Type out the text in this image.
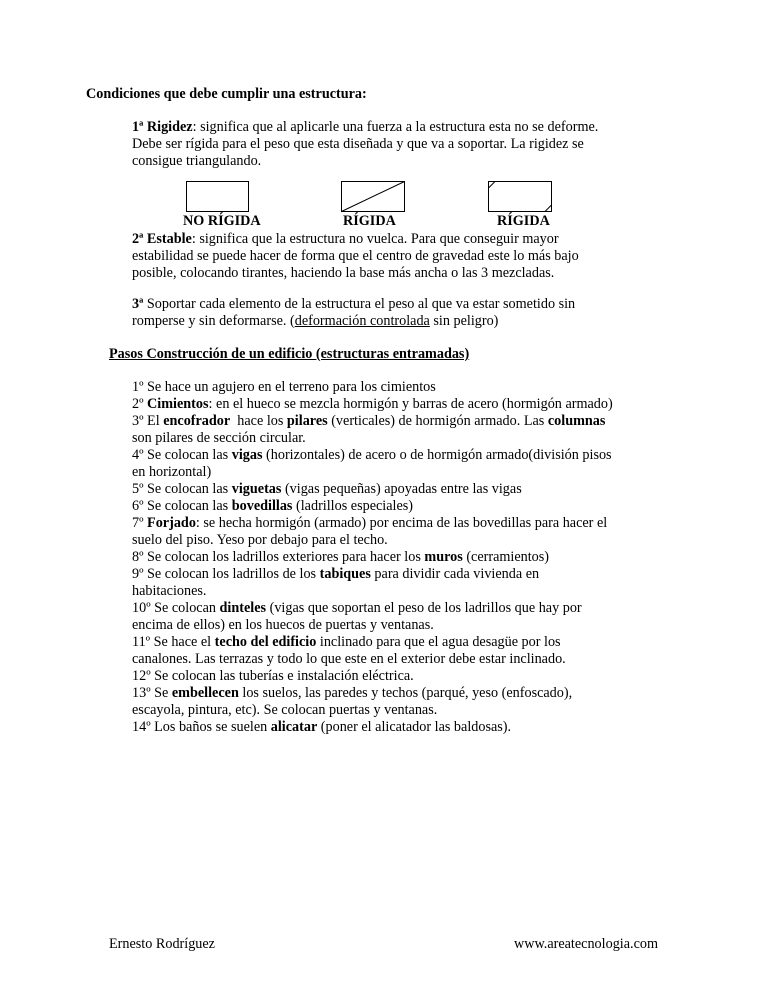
Condiciones que debe cumplir una estructura:
1ª Rigidez: significa que al aplicarle una fuerza a la estructura esta no se deforme.
Debe ser rígida para el peso que esta diseñada y que va a soportar. La rigidez se
consigue triangulando.
NO RÍGIDA	RÍGIDA	RÍGIDA
2ª Estable: significa que la estructura no vuelca. Para que conseguir mayor
estabilidad se puede hacer de forma que el centro de gravedad este lo más bajo
posible, colocando tirantes, haciendo la base más ancha o las 3 mezcladas.
3ª Soportar cada elemento de la estructura el peso al que va estar sometido sin
romperse y sin deformarse. (deformación controlada sin peligro)
Pasos Construcción de un edificio (estructuras entramadas)
1º Se hace un agujero en el terreno para los cimientos
2º Cimientos: en el hueco se mezcla hormigón y barras de acero (hormigón armado)
3º El encofrador  hace los pilares (verticales) de hormigón armado. Las columnas
son pilares de sección circular.
4º Se colocan las vigas (horizontales) de acero o de hormigón armado(división pisos
en horizontal)
5º Se colocan las viguetas (vigas pequeñas) apoyadas entre las vigas
6º Se colocan las bovedillas (ladrillos especiales)
7º Forjado: se hecha hormigón (armado) por encima de las bovedillas para hacer el
suelo del piso. Yeso por debajo para el techo.
8º Se colocan los ladrillos exteriores para hacer los muros (cerramientos)
9º Se colocan los ladrillos de los tabiques para dividir cada vivienda en
habitaciones.
10º Se colocan dinteles (vigas que soportan el peso de los ladrillos que hay por
encima de ellos) en los huecos de puertas y ventanas.
11º Se hace el techo del edificio inclinado para que el agua desagüe por los
canalones. Las terrazas y todo lo que este en el exterior debe estar inclinado.
12º Se colocan las tuberías e instalación eléctrica.
13º Se embellecen los suelos, las paredes y techos (parqué, yeso (enfoscado),
escayola, pintura, etc). Se colocan puertas y ventanas.
14º Los baños se suelen alicatar (poner el alicatador las baldosas).
Ernesto Rodríguez	www.areatecnologia.com
